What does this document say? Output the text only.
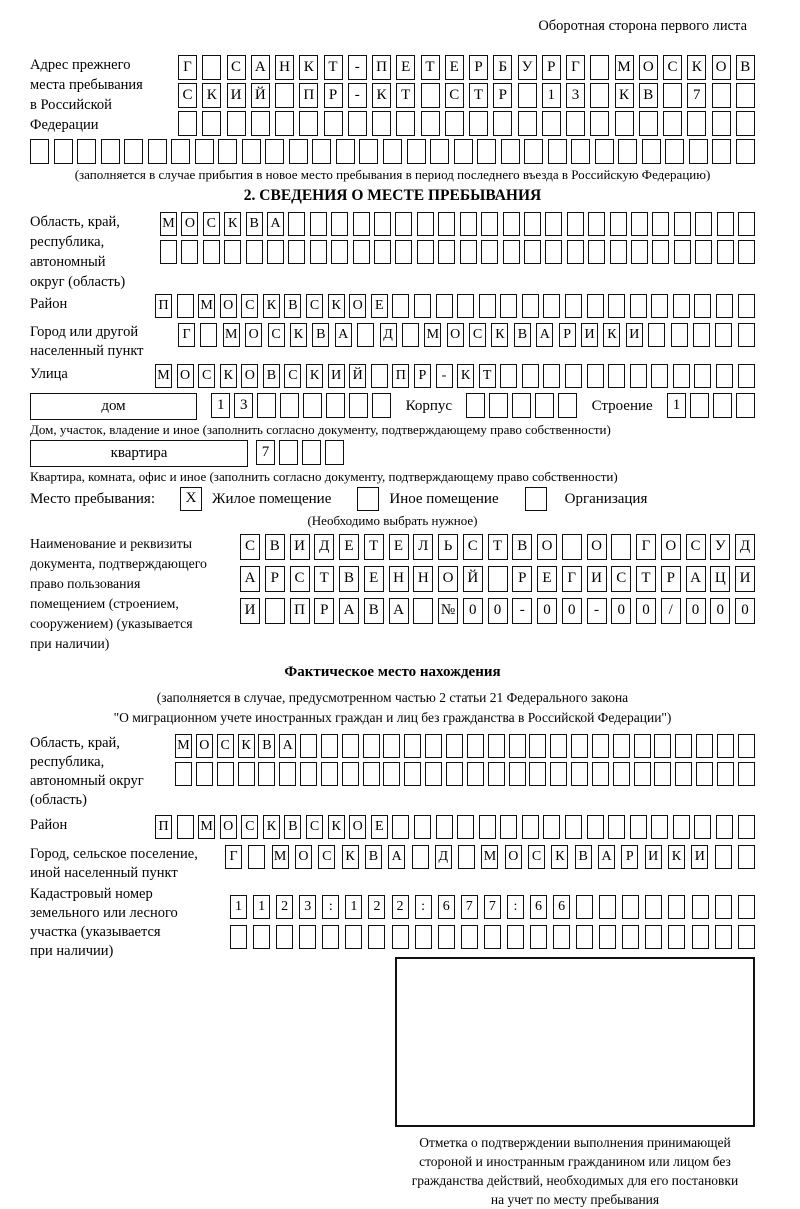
Оборотная сторона первого листа
Адрес прежнего
места пребывания
в Российской
Федерации
Г	С А Н К Т	-	П Е	Т	Е	Р	Б У Р	Г	М О С К О В
С К И Й	П Р	-	К Т	С Т	Р	1	3	К В	7
(заполняется в случае прибытия в новое место пребывания в период последнего въезда в Российскую Федерацию)
2. СВЕДЕНИЯ О МЕСТЕ ПРЕБЫВАНИЯ
Область, край,
республика,
автономный
округ (область)
М О С К В А
Район	П М О С К В С К О Е
Город или другой
населенный пункт
Г	М О С К В А Д М О С К В А Р И К И
Улица	М О С К О В С К И Й П Р	-	К Т
дом	1	3	Корпус	Строение	1
Дом, участок, владение и иное (заполнить согласно документу, подтверждающему право собственности)
квартира	7
Квартира, комната, офис и иное (заполнить согласно документу, подтверждающему право собственности)
Место пребывания:	X	Жилое помещение	Иное помещение	Организация
(Необходимо выбрать нужное)
Наименование и реквизиты
документа, подтверждающего
право пользования
помещением (строением,
сооружением) (указывается
при наличии)
С В И Д	Е	Т	Е	Л	Ь	С	Т	В О	О	Г	О С У Д
А	Р	С	Т	В	Е Н Н О Й	Р	Е	Г	И С	Т	Р	А Ц И
И	П	Р	А В А	№ 0	0	-	0	0	-	0	0	/	0	0	0
Фактическое место нахождения
(заполняется в случае, предусмотренном частью 2 статьи 21 Федерального закона
"О миграционном учете иностранных граждан и лиц без гражданства в Российской Федерации")
Область, край,
республика,
автономный округ
(область)
М О С К В А
Район	П М О С К В С К О Е
Город, сельское поселение,
иной населенный пункт
Г	М О С К В А	Д	М О С К В А	Р	И К И
Кадастровый номер
земельного или лесного
участка (указывается
при наличии)
1	1	2	3	:	1	2	2	:	6	7	7	:	6	6
Отметка о подтверждении выполнения принимающей
стороной и иностранным гражданином или лицом без
гражданства действий, необходимых для его постановки
на учет по месту пребывания
